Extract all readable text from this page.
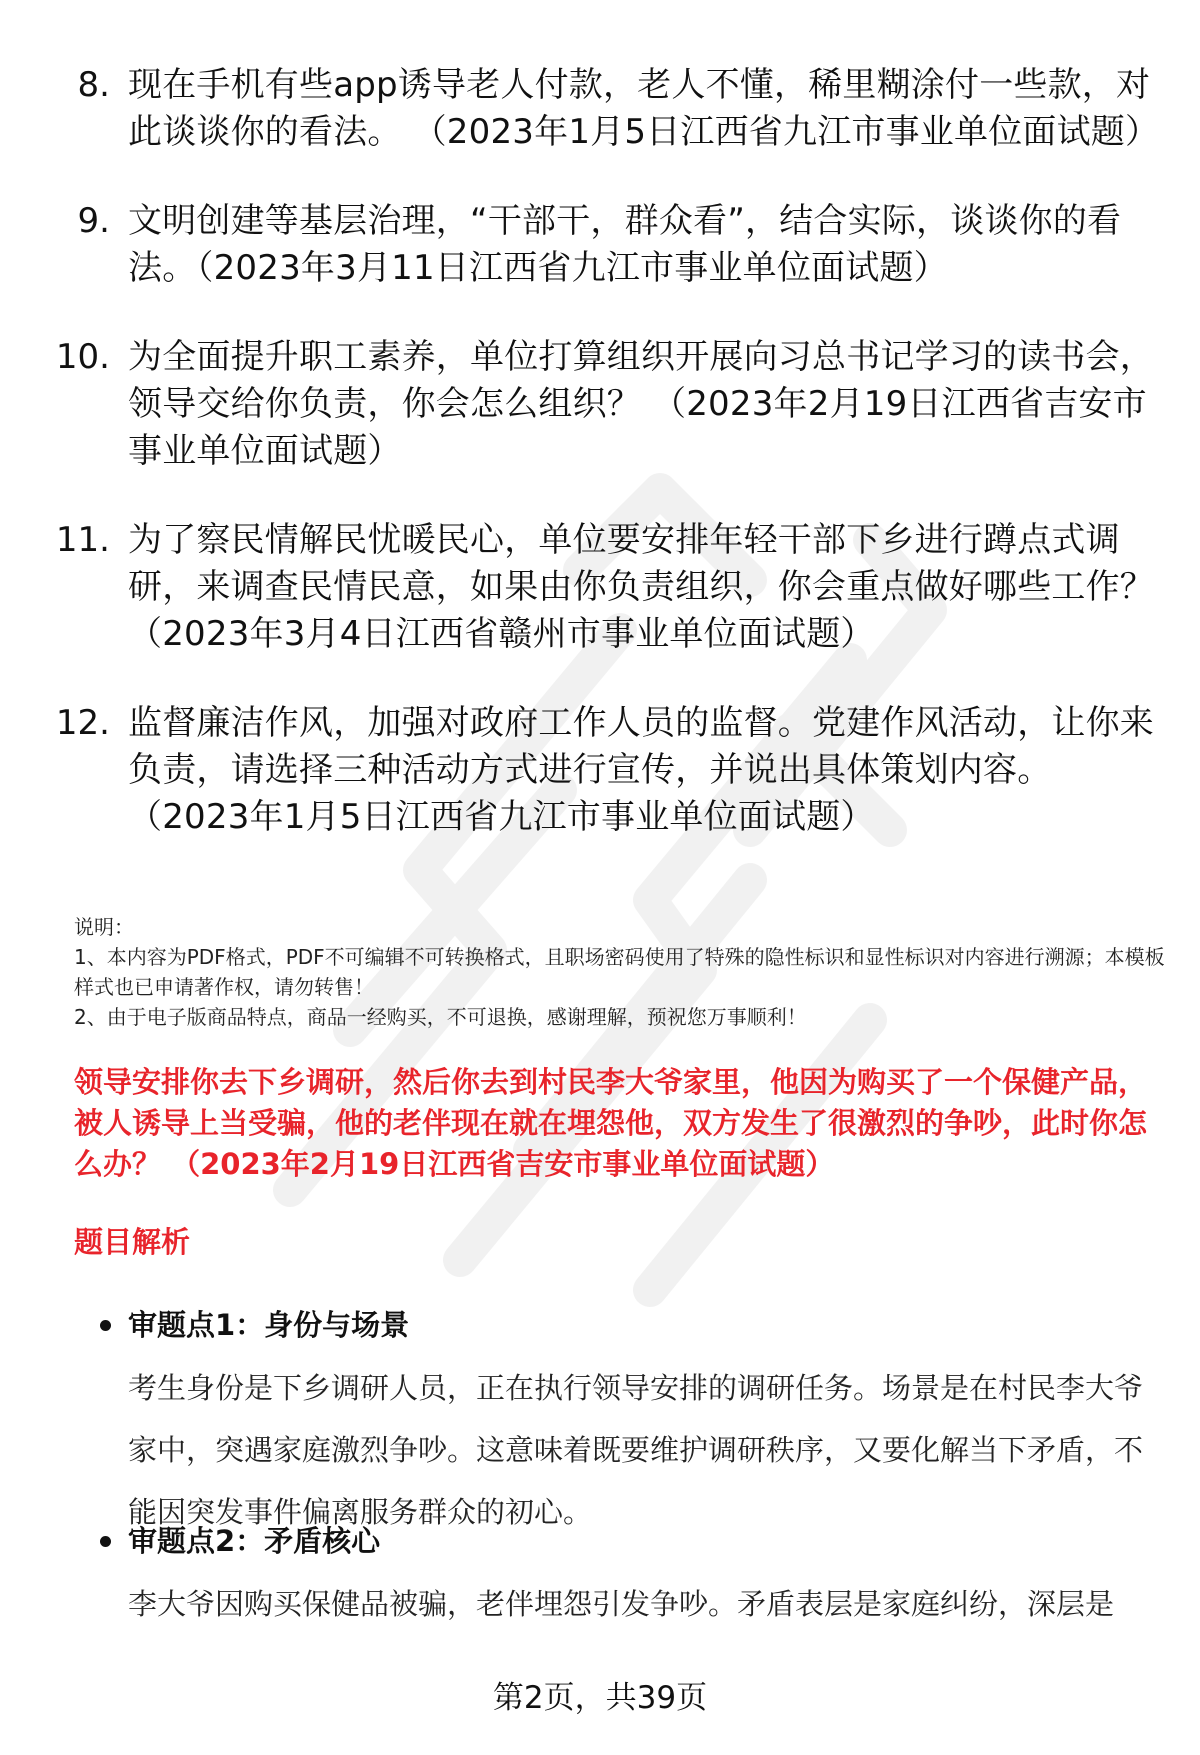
8. 现在手机有些app诱导老人付款，老人不懂，稀里糊涂付一些款，对此谈谈你的看法。 （2023年1月5日江西省九江市事业单位面试题）
9. 文明创建等基层治理，“干部干，群众看”，结合实际，谈谈你的看法。（2023年3月11日江西省九江市事业单位面试题）
10. 为全面提升职工素养，单位打算组织开展向习总书记学习的读书会，领导交给你负责，你会怎么组织？ （2023年2月19日江西省吉安市事业单位面试题）
11. 为了察民情解民忧暖民心，单位要安排年轻干部下乡进行蹲点式调研，来调查民情民意，如果由你负责组织，你会重点做好哪些工作？ （2023年3月4日江西省赣州市事业单位面试题）
12. 监督廉洁作风，加强对政府工作人员的监督。党建作风活动，让你来负责，请选择三种活动方式进行宣传，并说出具体策划内容。 （2023年1月5日江西省九江市事业单位面试题）

说明：

1、本内容为PDF格式，PDF不可编辑不可转换格式，且职场密码使用了特殊的隐性标识和显性标识对内容进行溯源；本模板样式也已申请著作权，请勿转售！

2、由于电子版商品特点，商品一经购买，不可退换，感谢理解，预祝您万事顺利！

领导安排你去下乡调研，然后你去到村民李大爷家里，他因为购买了一个保健产品，被人诱导上当受骗，他的老伴现在就在埋怨他，双方发生了很激烈的争吵，此时你怎么办？ （2023年2月19日江西省吉安市事业单位面试题）

题目解析

审题点1：身份与场景
考生身份是下乡调研人员，正在执行领导安排的调研任务。场景是在村民李大爷家中，突遇家庭激烈争吵。这意味着既要维护调研秩序，又要化解当下矛盾，不能因突发事件偏离服务群众的初心。
审题点2：矛盾核心
李大爷因购买保健品被骗，老伴埋怨引发争吵。矛盾表层是家庭纠纷，深层是
第2页，共39页
